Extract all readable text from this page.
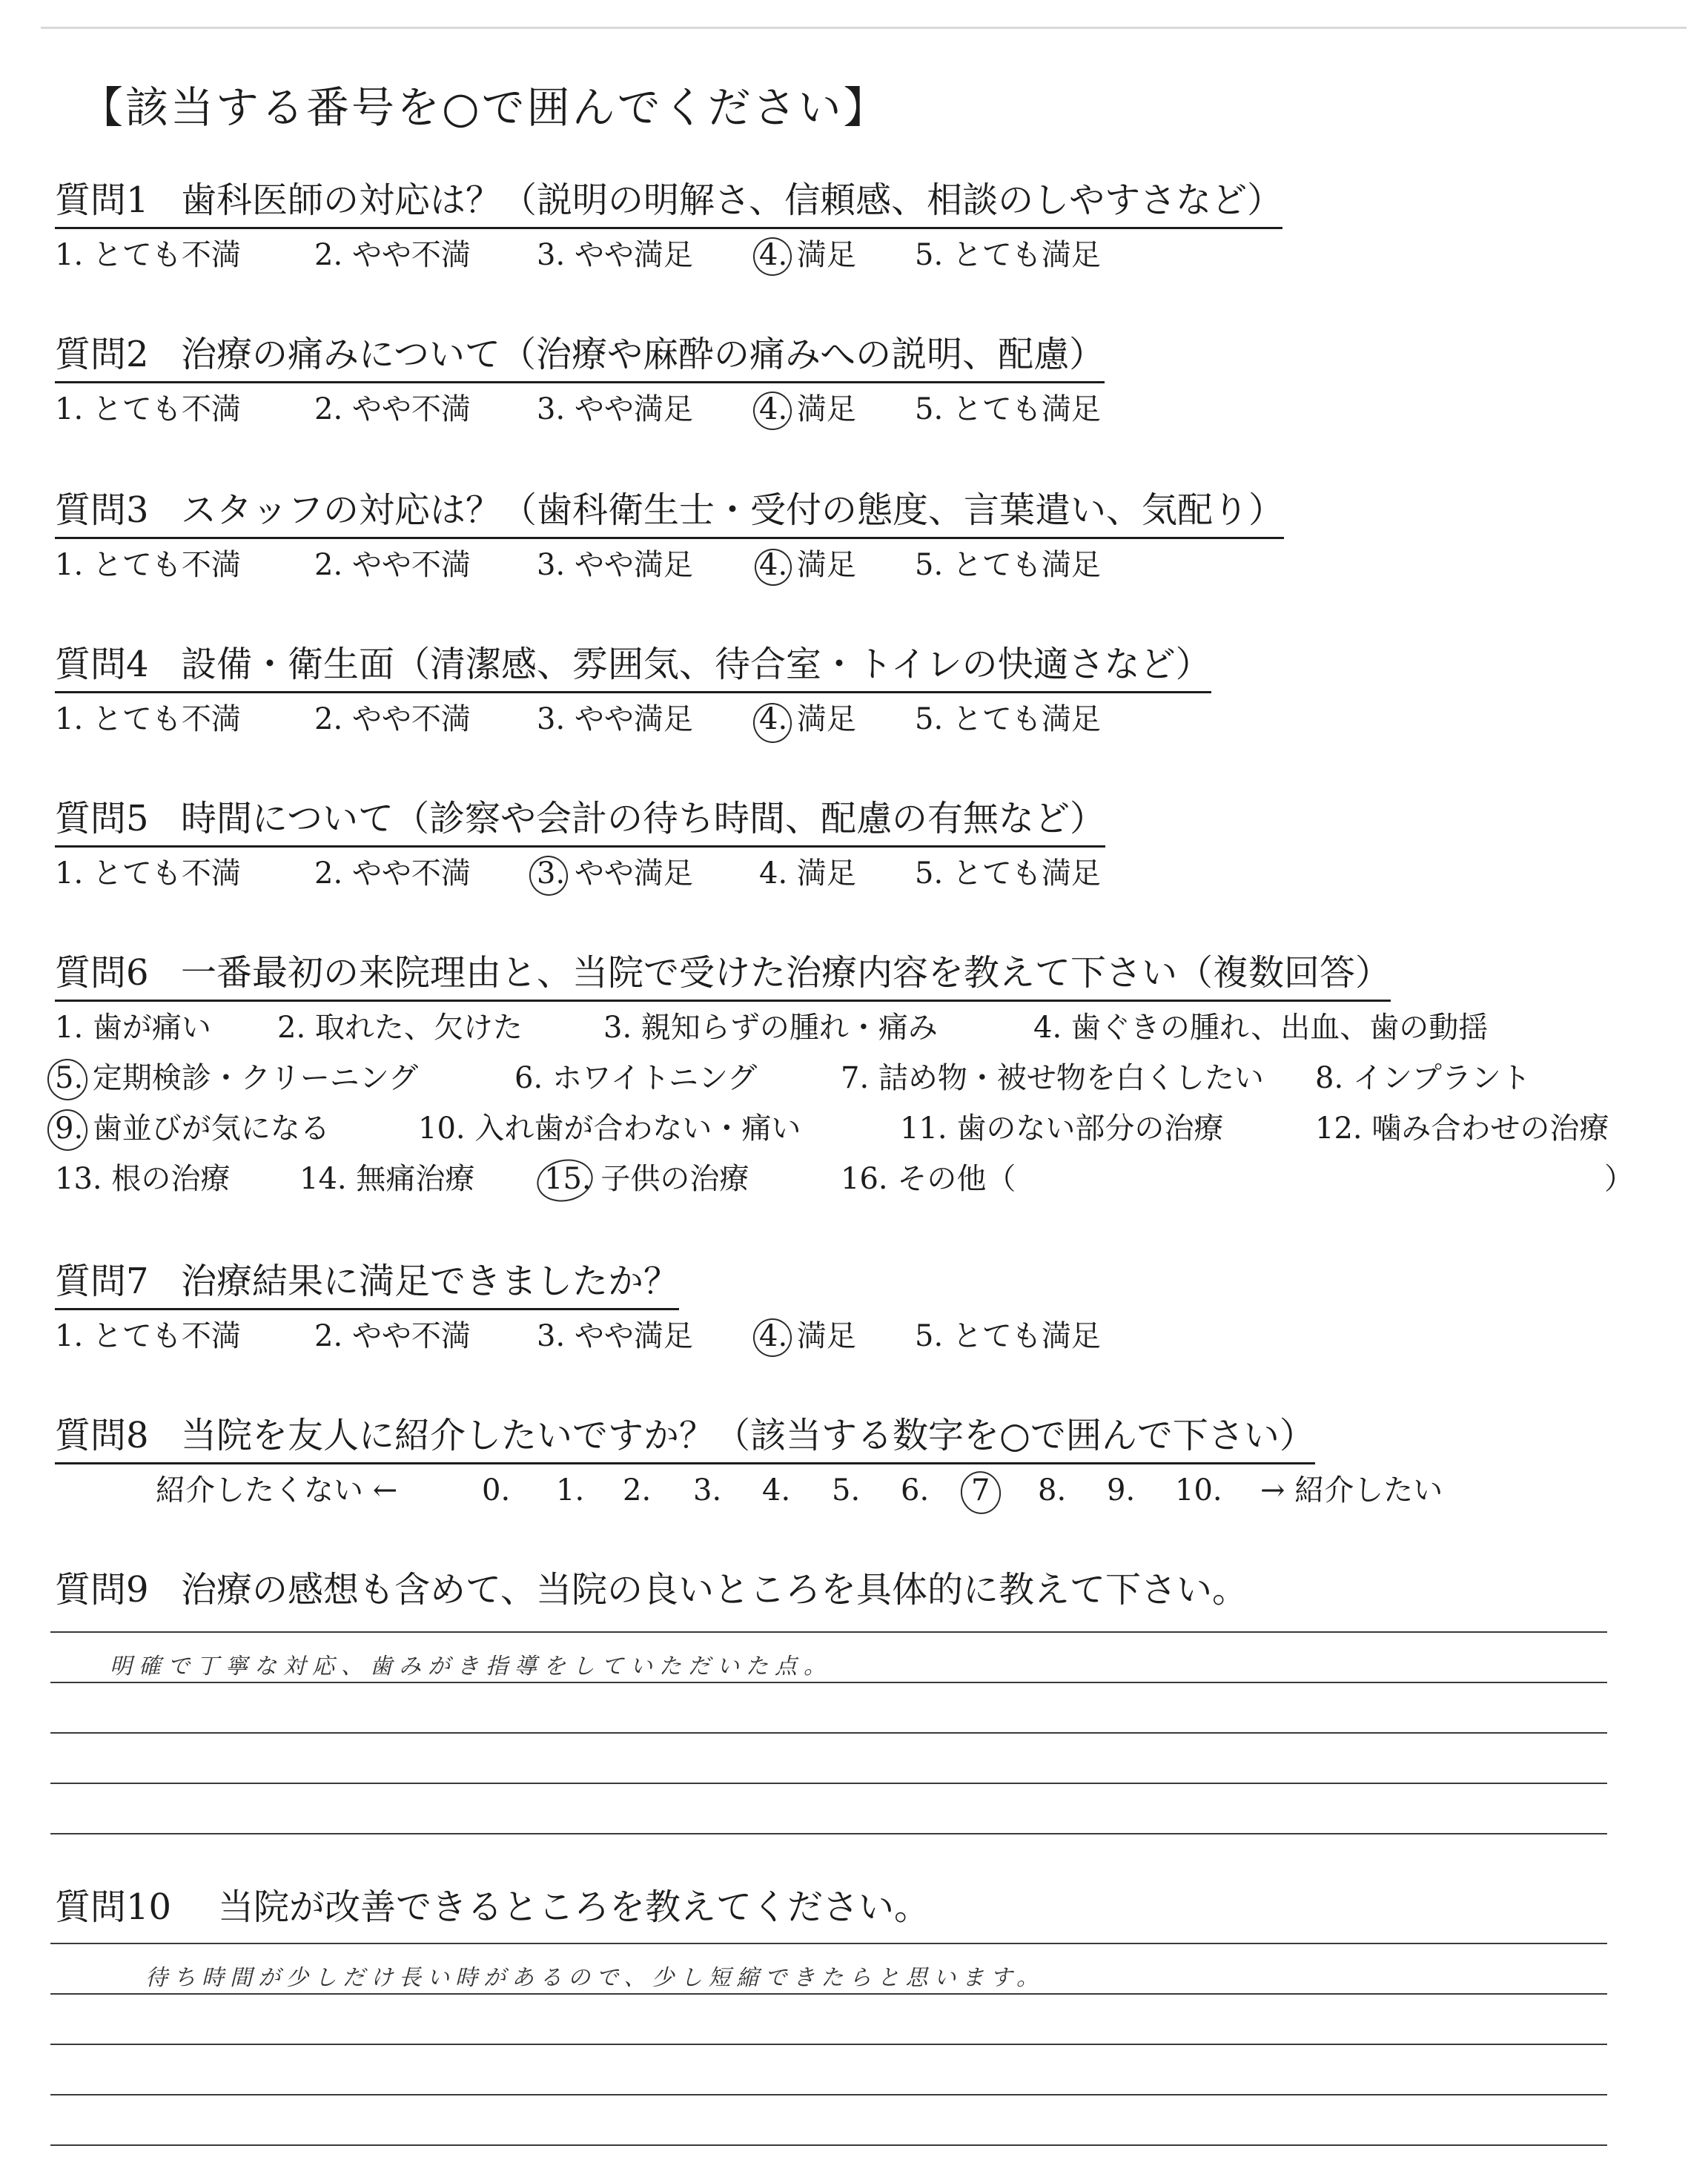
【該当する番号を○で囲んでください】
質問1 歯科医師の対応は？（説明の明解さ、信頼感、相談のしやすさなど）
1. とても不満 2. やや不満 3. やや満足 4. 満足 5. とても満足
質問2 治療の痛みについて（治療や麻酔の痛みへの説明、配慮）
1. とても不満 2. やや不満 3. やや満足 4. 満足 5. とても満足
質問3 スタッフの対応は？（歯科衛生士・受付の態度、言葉遣い、気配り）
1. とても不満 2. やや不満 3. やや満足 4. 満足 5. とても満足
質問4 設備・衛生面（清潔感、雰囲気、待合室・トイレの快適さなど）
1. とても不満 2. やや不満 3. やや満足 4. 満足 5. とても満足
質問5 時間について（診察や会計の待ち時間、配慮の有無など）
1. とても不満 2. やや不満 3. やや満足 4. 満足 5. とても満足
質問6 一番最初の来院理由と、当院で受けた治療内容を教えて下さい（複数回答）
1. 歯が痛い 2. 取れた、欠けた	3. 親知らずの腫れ・痛み	4. 歯ぐきの腫れ、出血、歯の動揺
5. 定期検診・クリーニング	6. ホワイトニング	7. 詰め物・被せ物を白くしたい 8. インプラント
9. 歯並びが気になる	10. 入れ歯が合わない・痛い	11. 歯のない部分の治療	12. 噛み合わせの治療
13. 根の治療 14. 無痛治療 15. 子供の治療	16. その他（	）
質問7 治療結果に満足できましたか？
1. とても不満 2. やや不満 3. やや満足 4. 満足 5. とても満足
質問8 当院を友人に紹介したいですか？（該当する数字を○で囲んで下さい）
紹介したくない ←	0. 1. 2. 3. 4. 5. 6. 7 8. 9. 10. → 紹介したい
質問9 治療の感想も含めて、当院の良いところを具体的に教えて下さい。
明確で丁寧な対応、歯みがき指導をしていただいた点。
質問10 当院が改善できるところを教えてください。
待ち時間が少しだけ長い時があるので、少し短縮できたらと思います。
